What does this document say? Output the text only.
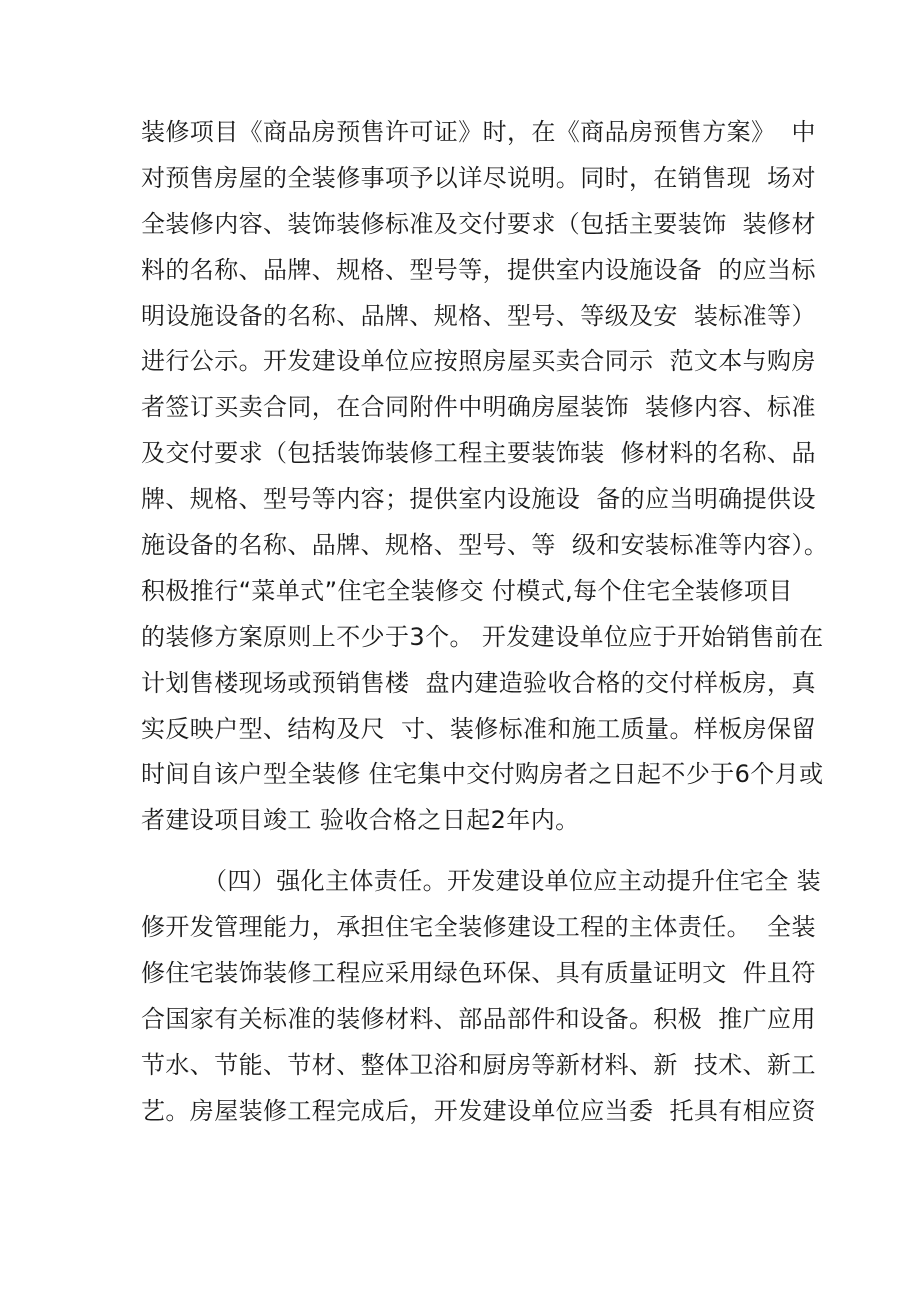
装修项目《商品房预售许可证》时，在《商品房预售方案》  中
对预售房屋的全装修事项予以详尽说明。同时，在销售现  场对
全装修内容、装饰装修标准及交付要求（包括主要装饰  装修材
料的名称、品牌、规格、型号等，提供室内设施设备  的应当标
明设施设备的名称、品牌、规格、型号、等级及安  装标准等）
进行公示。开发建设单位应按照房屋买卖合同示  范文本与购房
者签订买卖合同，在合同附件中明确房屋装饰  装修内容、标准
及交付要求（包括装饰装修工程主要装饰装  修材料的名称、品
牌、规格、型号等内容；提供室内设施设  备的应当明确提供设
施设备的名称、品牌、规格、型号、等  级和安装标准等内容）。
积极推行“菜单式”住宅全装修交 付模式,每个住宅全装修项目
的装修方案原则上不少于3个。 开发建设单位应于开始销售前在
计划售楼现场或预销售楼  盘内建造验收合格的交付样板房，真
实反映户型、结构及尺  寸、装修标准和施工质量。样板房保留
时间自该户型全装修 住宅集中交付购房者之日起不少于6个月或
者建设项目竣工 验收合格之日起2年内。
（四）强化主体责任。开发建设单位应主动提升住宅全 装
修开发管理能力，承担住宅全装修建设工程的主体责任。  全装
修住宅装饰装修工程应采用绿色环保、具有质量证明文  件且符
合国家有关标准的装修材料、部品部件和设备。积极  推广应用
节水、节能、节材、整体卫浴和厨房等新材料、新  技术、新工
艺。房屋装修工程完成后，开发建设单位应当委  托具有相应资
